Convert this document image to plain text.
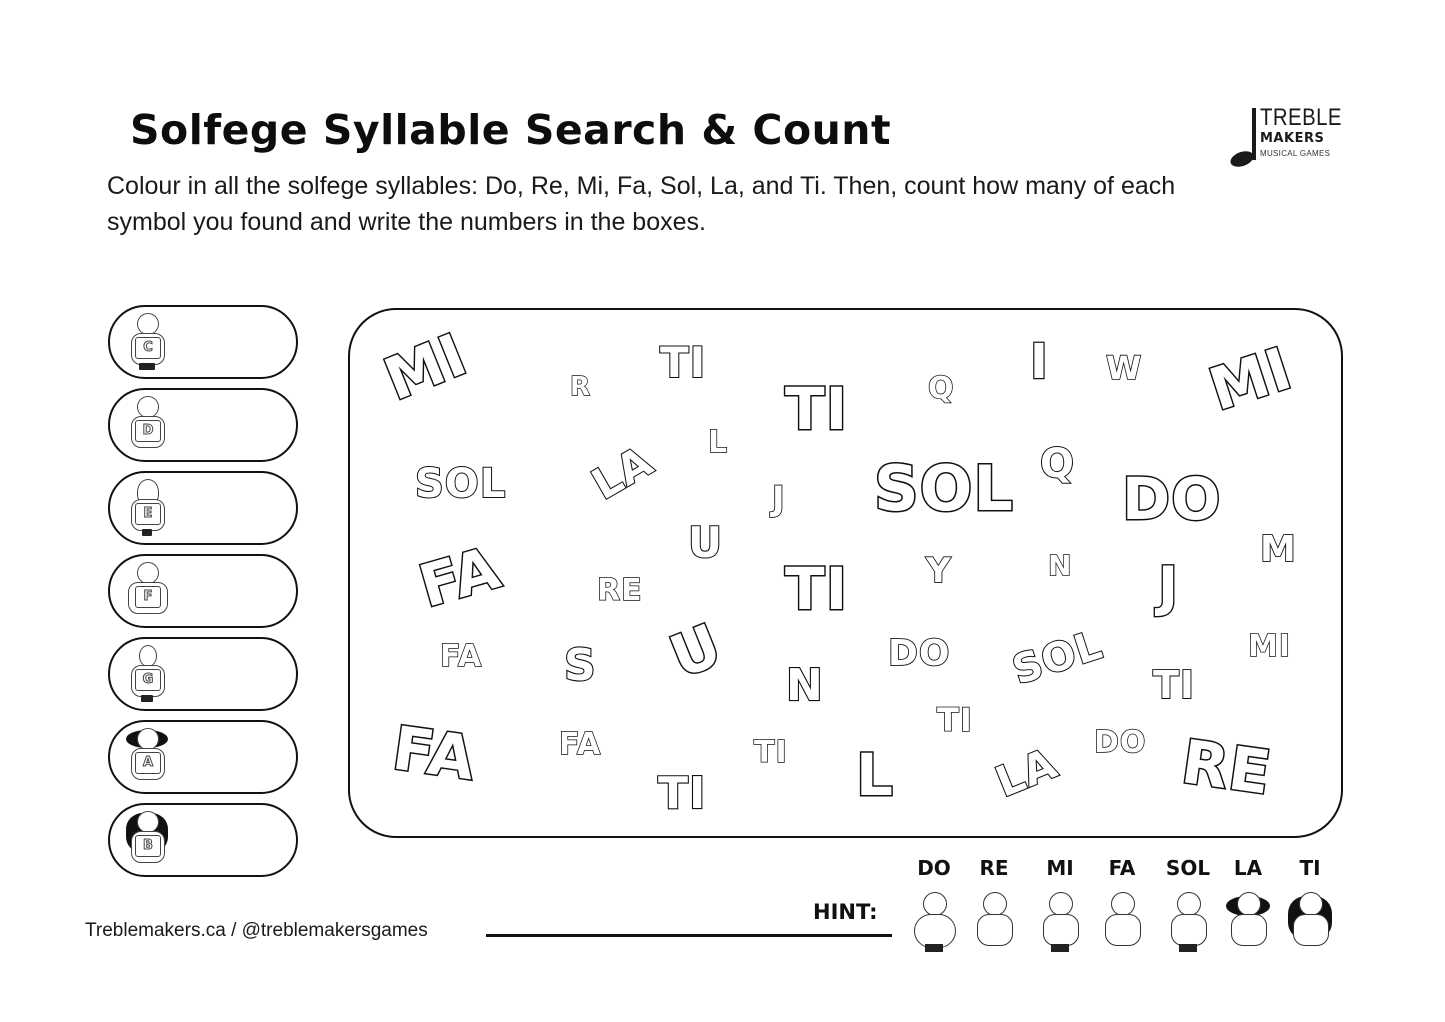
Solfege Syllable Search & Count
Colour in all the solfege syllables: Do, Re, Mi, Fa, Sol, La, and Ti. Then, count how many of each symbol you found and write the numbers in the boxes.
TREBLE
MAKERS
MUSICAL GAMES
C
D
E
F
G
A
B
MI	R TI
TI	Q I W MI
L
SOL LA	J SOL Q
DO
U	M
FA	RE TI Y	N J
FA S U N
DO SOL	MI
TI
TI
FA	FA	TI
TI	L LA DO RE
Treblemakers.ca / @treblemakersgames
HINT:
DO	RE	MI	FA	SOL	LA	TI
